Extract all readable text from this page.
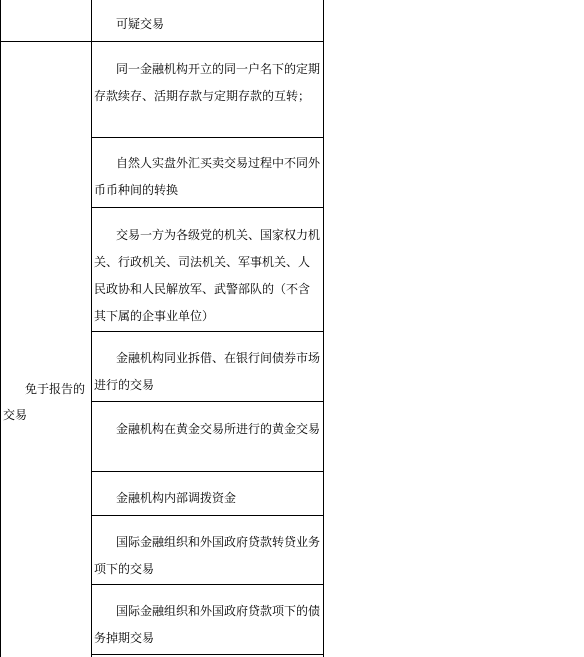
免于报告的交易

可疑交易

同一金融机构开立的同一户名下的定期存款续存、活期存款与定期存款的互转；

自然人实盘外汇买卖交易过程中不同外币币种间的转换

交易一方为各级党的机关、国家权力机关、行政机关、司法机关、军事机关、人民政协和人民解放军、武警部队的（不含其下属的企事业单位）

金融机构同业拆借、在银行间债券市场进行的交易

金融机构在黄金交易所进行的黄金交易

金融机构内部调拨资金

国际金融组织和外国政府贷款转贷业务项下的交易

国际金融组织和外国政府贷款项下的债务掉期交易
